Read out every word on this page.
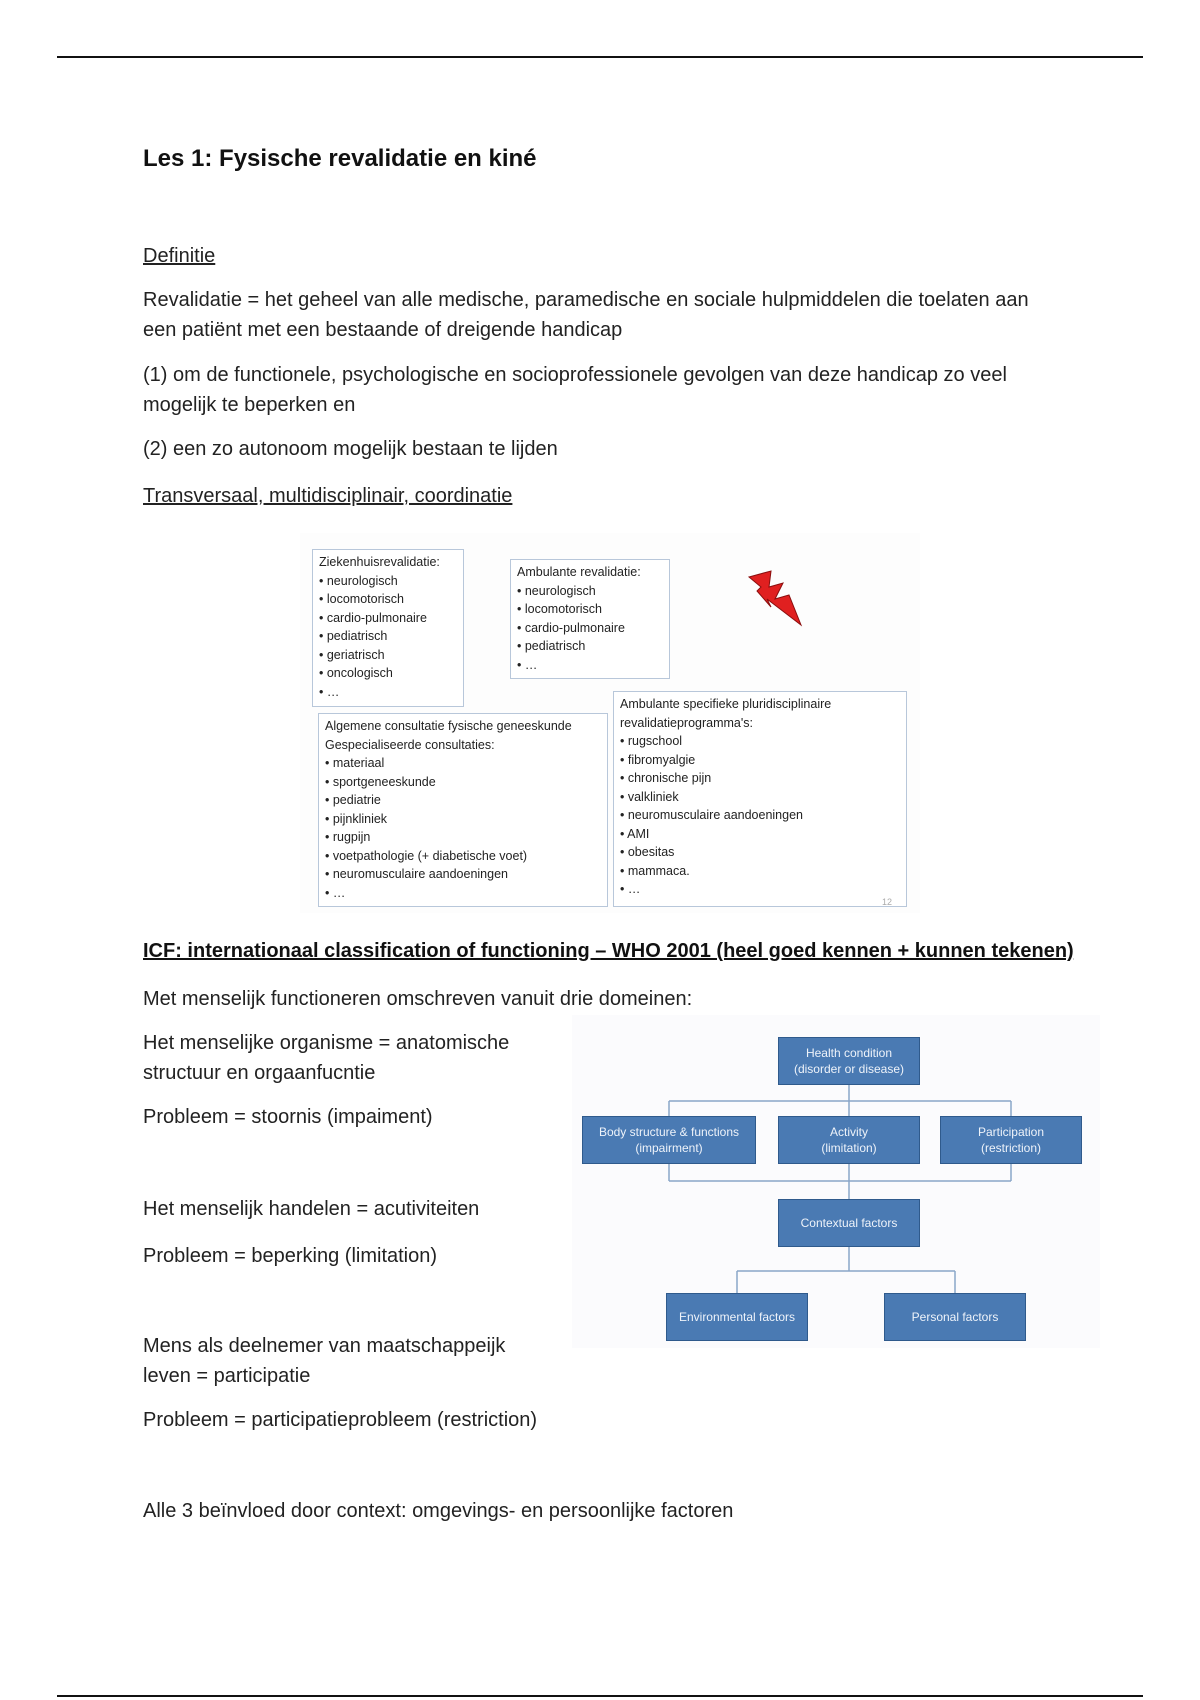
Les 1: Fysische revalidatie en kiné
Definitie
Revalidatie = het geheel van alle medische, paramedische en sociale hulpmiddelen die toelaten aan een patiënt met een bestaande of dreigende handicap
(1) om de functionele, psychologische en socioprofessionele gevolgen van deze handicap zo veel mogelijk te beperken en
(2) een zo autonoom mogelijk bestaan te lijden
Transversaal, multidisciplinair, coordinatie
Ziekenhuisrevalidatie:
• neurologisch
• locomotorisch
• cardio-pulmonaire
• pediatrisch
• geriatrisch
• oncologisch
• …
Ambulante revalidatie:
• neurologisch
• locomotorisch
• cardio-pulmonaire
• pediatrisch
• …
Algemene consultatie fysische geneeskunde
Gespecialiseerde consultaties:
• materiaal
• sportgeneeskunde
• pediatrie
• pijnkliniek
• rugpijn
• voetpathologie (+ diabetische voet)
• neuromusculaire aandoeningen
• …
Ambulante specifieke pluridisciplinaire
revalidatieprogramma's:
• rugschool
• fibromyalgie
• chronische pijn
• valkliniek
• neuromusculaire aandoeningen
• AMI
• obesitas
• mammaca.
• …
12
ICF: internationaal classification of functioning – WHO 2001 (heel goed kennen + kunnen tekenen)
Met menselijk functioneren omschreven vanuit drie domeinen:
Het menselijke organisme = anatomische structuur en orgaanfucntie
Probleem = stoornis (impaiment)
Het menselijk handelen = acutiviteiten
Probleem = beperking (limitation)
Mens als deelnemer van maatschappeijk leven = participatie
Probleem = participatieprobleem (restriction)
Alle 3 beïnvloed door context: omgevings- en persoonlijke factoren
Health condition
(disorder or disease)
Body structure & functions
(impairment)
Activity
(limitation)
Participation
(restriction)
Contextual factors
Environmental factors	Personal factors
